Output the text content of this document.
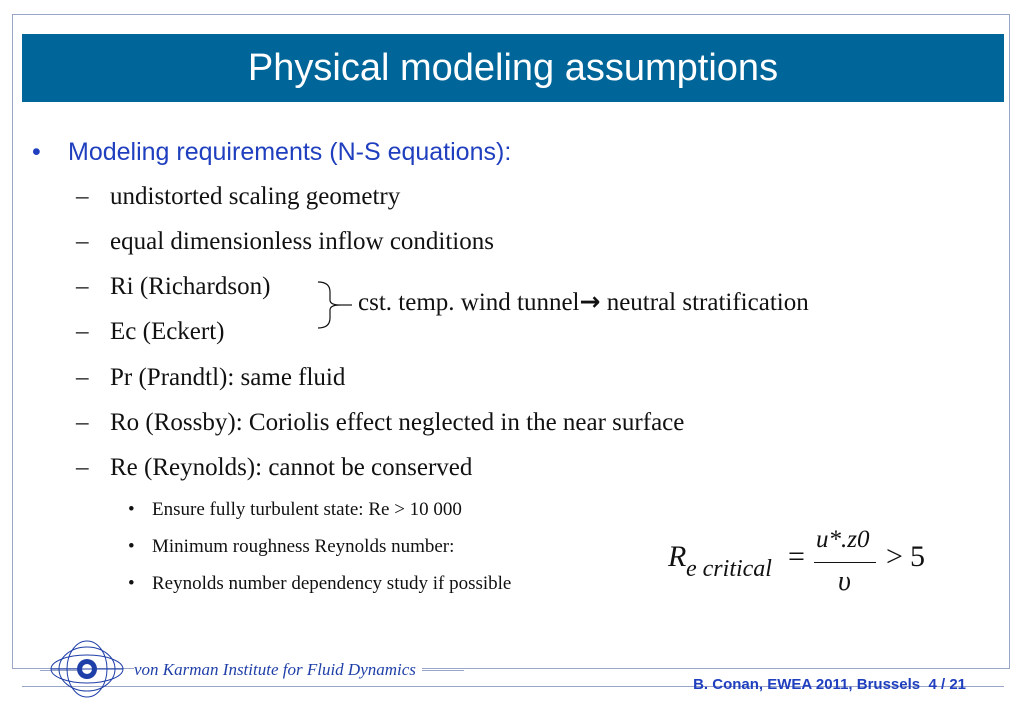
Physical modeling assumptions
• Modeling requirements (N-S equations):
– undistorted scaling geometry
– equal dimensionless inflow conditions
– Ri (Richardson)
– Ec (Eckert)
– Pr (Prandtl): same fluid
– Ro (Rossby): Coriolis effect neglected in the near surface
– Re (Reynolds): cannot be conserved
• Ensure fully turbulent state: Re > 10 000
• Minimum roughness Reynolds number:
• Reynolds number dependency study if possible
cst. temp. wind tunnel→ neutral stratification
R e critical =
u*.z0
υ
> 5
von Karman Institute for Fluid Dynamics
B. Conan, EWEA 2011, Brussels 4 / 21
